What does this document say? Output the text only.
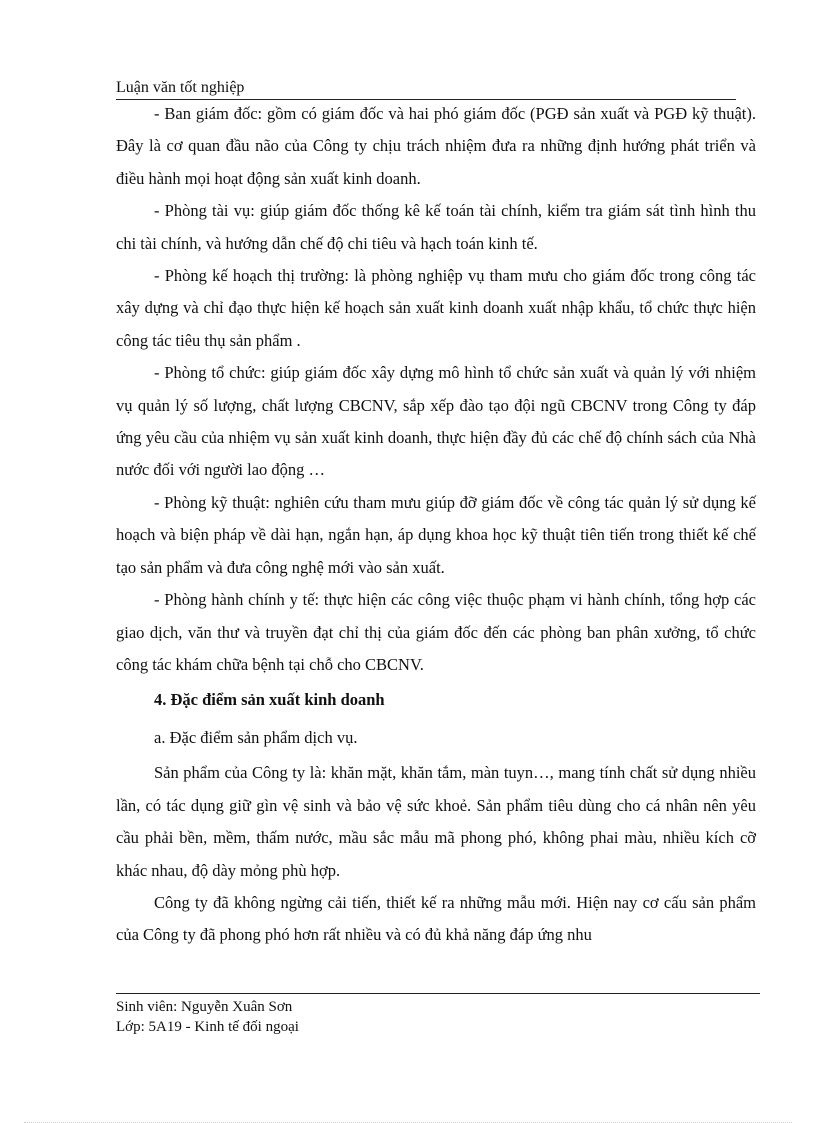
Luận văn tốt nghiệp

- Ban giám đốc: gồm có giám đốc và hai phó giám đốc (PGĐ sản xuất và PGĐ kỹ thuật). Đây là cơ quan đầu não của Công ty chịu trách nhiệm đưa ra những định hướng phát triển và điều hành mọi hoạt động sản xuất kinh doanh.

- Phòng tài vụ: giúp giám đốc thống kê kế toán tài chính, kiểm tra giám sát tình hình thu chi tài chính, và hướng dẫn chế độ chi tiêu và hạch toán kinh tế.

- Phòng kế hoạch thị trường: là phòng nghiệp vụ tham mưu cho giám đốc trong công tác xây dựng và chỉ đạo thực hiện kế hoạch sản xuất kinh doanh xuất nhập khẩu, tổ chức thực hiện công tác tiêu thụ sản phẩm .

- Phòng tổ chức: giúp giám đốc xây dựng mô hình tổ chức sản xuất và quản lý với nhiệm vụ quản lý số lượng, chất lượng CBCNV, sắp xếp đào tạo đội ngũ CBCNV trong Công ty đáp ứng yêu cầu của nhiệm vụ sản xuất kinh doanh, thực hiện đầy đủ các chế độ chính sách của Nhà nước đối với người lao động …

- Phòng kỹ thuật: nghiên cứu tham mưu giúp đỡ giám đốc về công tác quản lý sử dụng kế hoạch và biện pháp về dài hạn, ngắn hạn, áp dụng khoa học kỹ thuật tiên tiến trong thiết kế chế tạo sản phẩm và đưa công nghệ mới vào sản xuất.

- Phòng hành chính y tế: thực hiện các công việc thuộc phạm vi hành chính, tổng hợp các giao dịch, văn thư và truyền đạt chỉ thị của giám đốc đến các phòng ban phân xưởng, tổ chức công tác khám chữa bệnh tại chỗ cho CBCNV.

4. Đặc điểm sản xuất kinh doanh

a. Đặc điểm sản phẩm dịch vụ.

Sản phẩm của Công ty là: khăn mặt, khăn tắm, màn tuyn…, mang tính chất sử dụng nhiều lần, có tác dụng giữ gìn vệ sinh và bảo vệ sức khoẻ. Sản phẩm tiêu dùng cho cá nhân nên yêu cầu phải bền, mềm, thấm nước, mầu sắc mẫu mã phong phó, không phai màu, nhiều kích cỡ khác nhau, độ dày mỏng phù hợp.

Công ty đã không ngừng cải tiến, thiết kế ra những mẫu mới. Hiện nay cơ cấu sản phẩm của Công ty đã phong phó hơn rất nhiều và có đủ khả năng đáp ứng nhu

Sinh viên: Nguyễn Xuân Sơn
Lớp: 5A19 - Kinh tế đối ngoại
